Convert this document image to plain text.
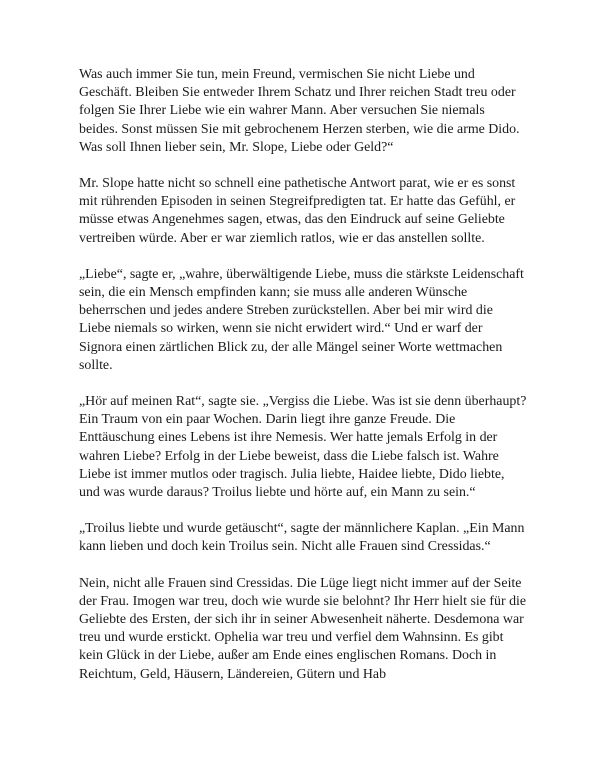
Was auch immer Sie tun, mein Freund, vermischen Sie nicht Liebe und Geschäft. Bleiben Sie entweder Ihrem Schatz und Ihrer reichen Stadt treu oder folgen Sie Ihrer Liebe wie ein wahrer Mann. Aber versuchen Sie niemals beides. Sonst müssen Sie mit gebrochenem Herzen sterben, wie die arme Dido. Was soll Ihnen lieber sein, Mr. Slope, Liebe oder Geld?“

Mr. Slope hatte nicht so schnell eine pathetische Antwort parat, wie er es sonst mit rührenden Episoden in seinen Stegreifpredigten tat. Er hatte das Gefühl, er müsse etwas Angenehmes sagen, etwas, das den Eindruck auf seine Geliebte vertreiben würde. Aber er war ziemlich ratlos, wie er das anstellen sollte.

„Liebe“, sagte er, „wahre, überwältigende Liebe, muss die stärkste Leidenschaft sein, die ein Mensch empfinden kann; sie muss alle anderen Wünsche beherrschen und jedes andere Streben zurückstellen. Aber bei mir wird die Liebe niemals so wirken, wenn sie nicht erwidert wird.“ Und er warf der Signora einen zärtlichen Blick zu, der alle Mängel seiner Worte wettmachen sollte.

„Hör auf meinen Rat“, sagte sie. „Vergiss die Liebe. Was ist sie denn überhaupt? Ein Traum von ein paar Wochen. Darin liegt ihre ganze Freude. Die Enttäuschung eines Lebens ist ihre Nemesis. Wer hatte jemals Erfolg in der wahren Liebe? Erfolg in der Liebe beweist, dass die Liebe falsch ist. Wahre Liebe ist immer mutlos oder tragisch. Julia liebte, Haidee liebte, Dido liebte, und was wurde daraus? Troilus liebte und hörte auf, ein Mann zu sein.“

„Troilus liebte und wurde getäuscht“, sagte der männlichere Kaplan. „Ein Mann kann lieben und doch kein Troilus sein. Nicht alle Frauen sind Cressidas.“

Nein, nicht alle Frauen sind Cressidas. Die Lüge liegt nicht immer auf der Seite der Frau. Imogen war treu, doch wie wurde sie belohnt? Ihr Herr hielt sie für die Geliebte des Ersten, der sich ihr in seiner Abwesenheit näherte. Desdemona war treu und wurde erstickt. Ophelia war treu und verfiel dem Wahnsinn. Es gibt kein Glück in der Liebe, außer am Ende eines englischen Romans. Doch in Reichtum, Geld, Häusern, Ländereien, Gütern und Hab
